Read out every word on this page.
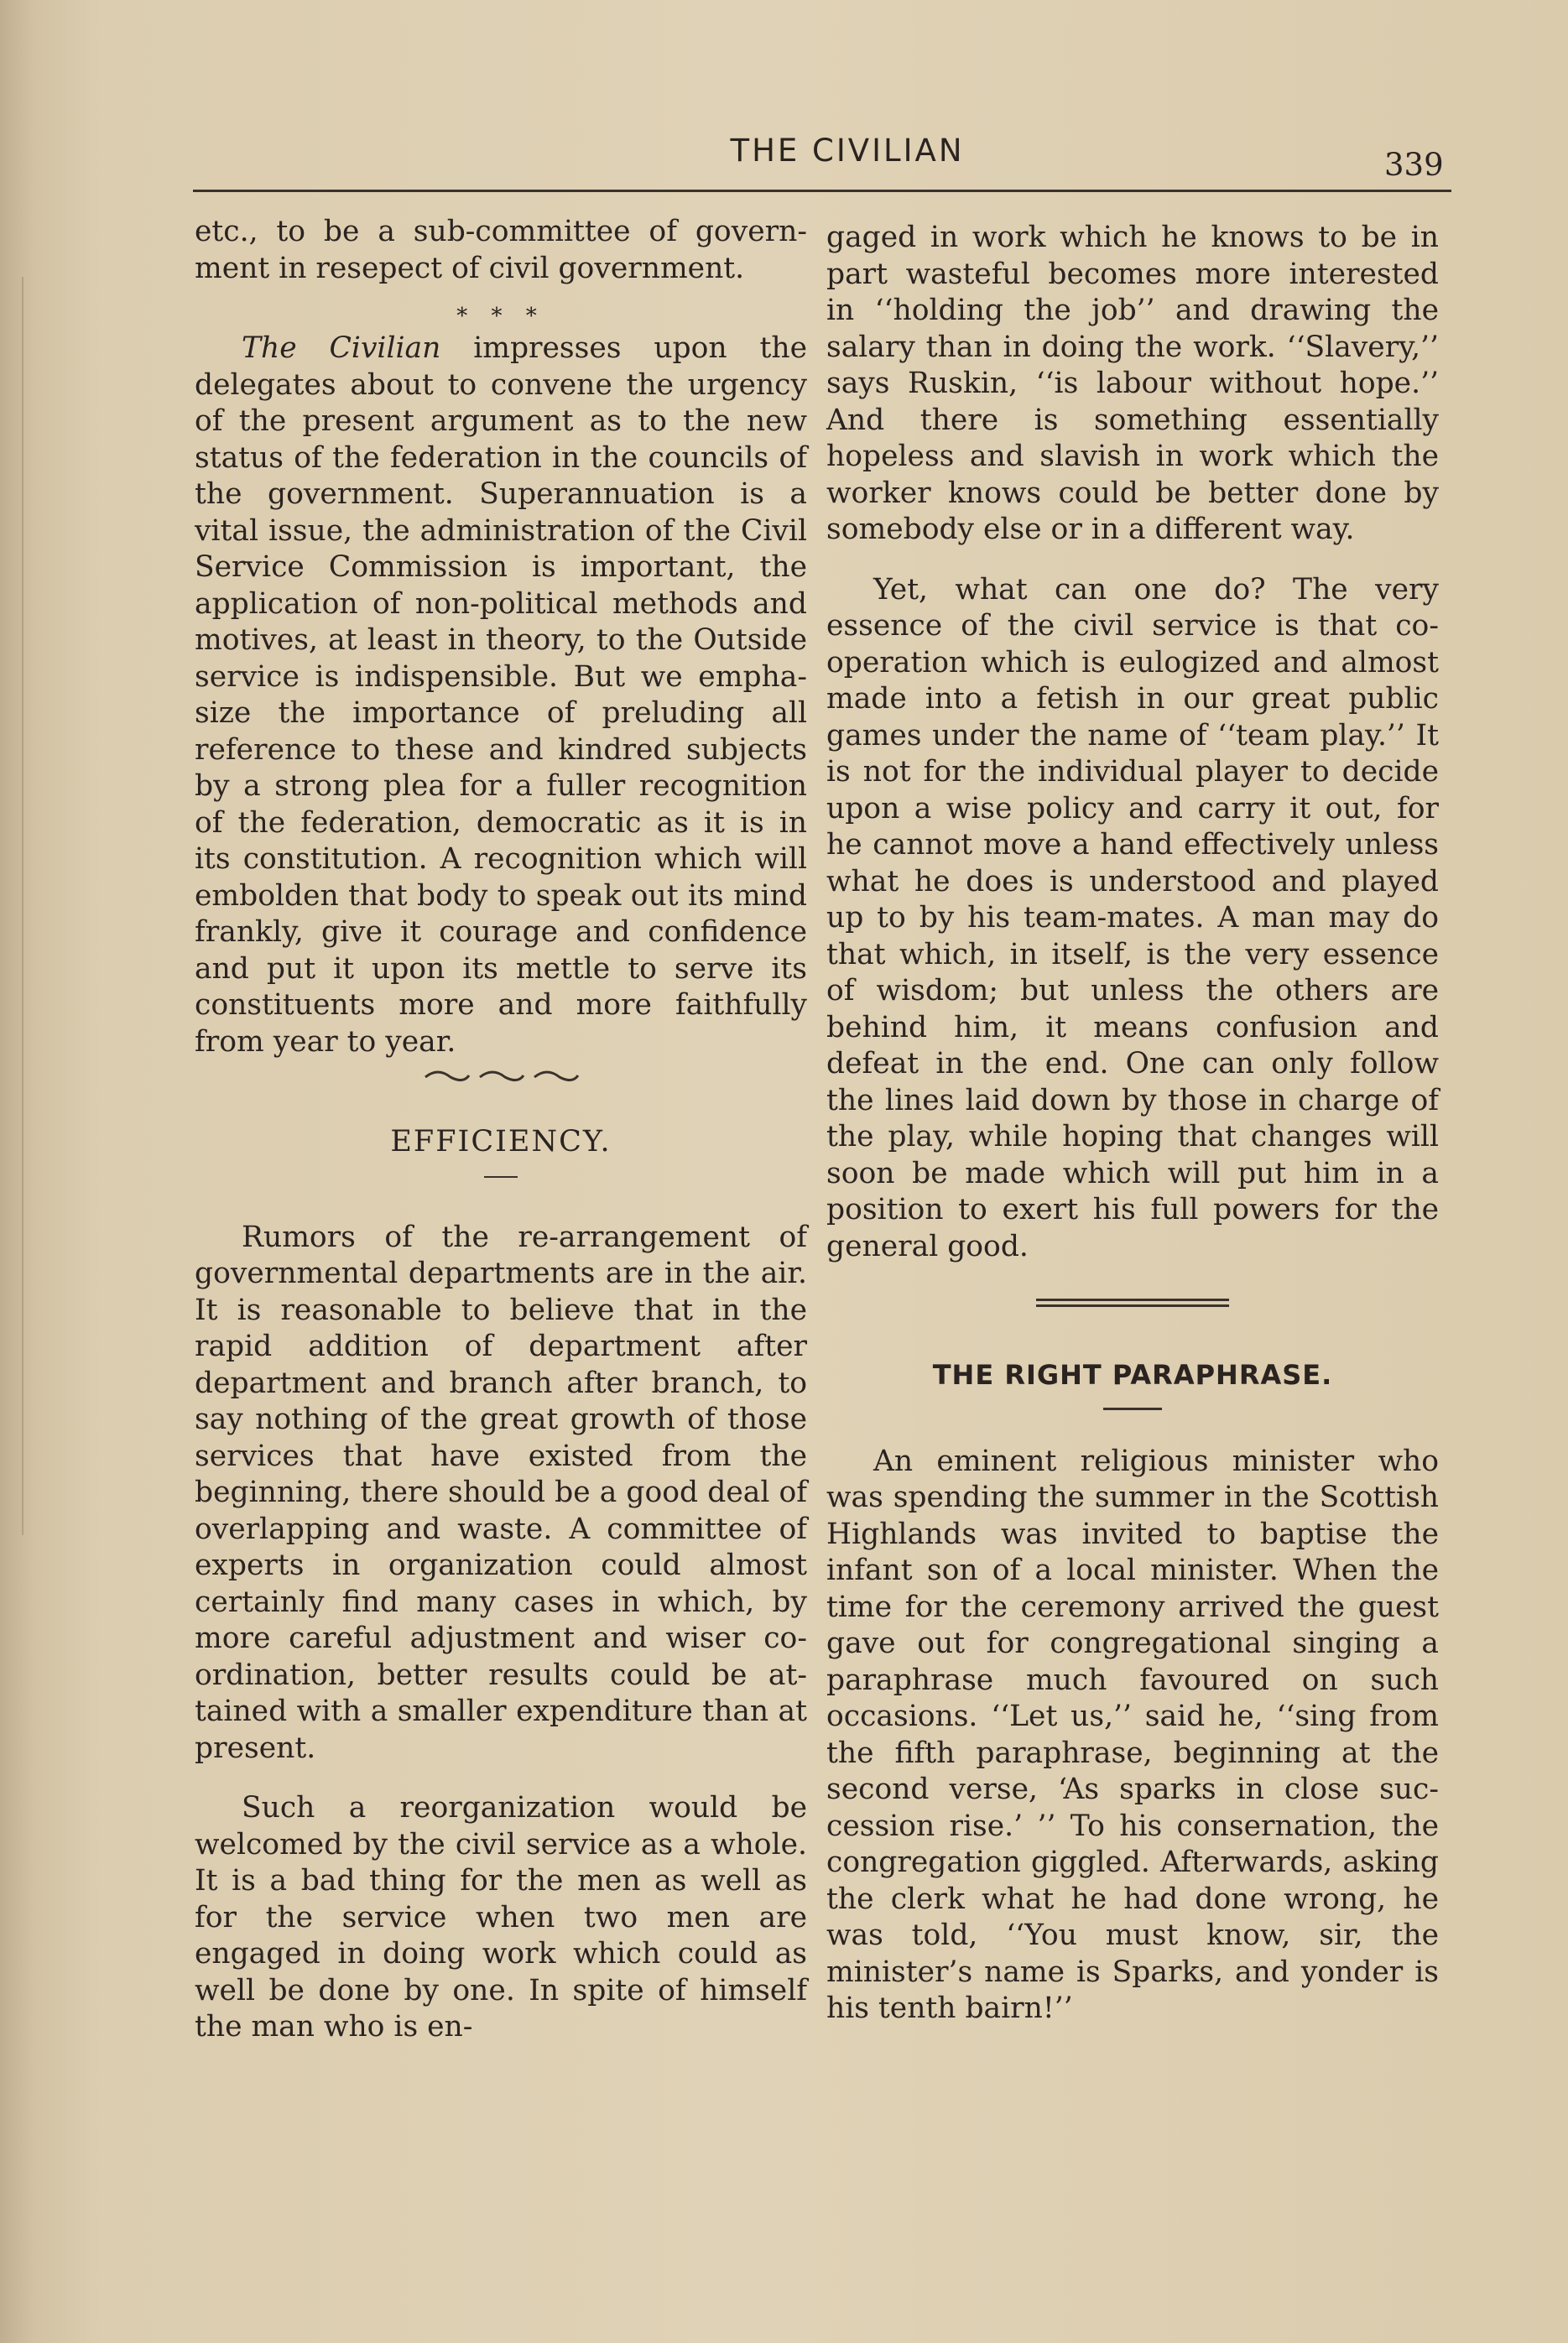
THE CIVILIAN	339

etc., to be a sub-committee of government in resepect of civil government.

* * *

The Civilian impresses upon the delegates about to convene the urgency of the present argument as to the new status of the federation in the councils of the government. Superannuation is a vital issue, the administration of the Civil Service Commission is important, the application of non-political methods and motives, at least in theory, to the Outside service is indispensible. But we emphasize the importance of preluding all reference to these and kindred subjects by a strong plea for a fuller recognition of the federation, democratic as it is in its constitution. A recognition which will embolden that body to speak out its mind frankly, give it courage and confidence and put it upon its mettle to serve its constituents more and more faithfully from year to year.

EFFICIENCY.

Rumors of the re-arrangement of governmental departments are in the air. It is reasonable to believe that in the rapid addition of department after department and branch after branch, to say nothing of the great growth of those services that have existed from the beginning, there should be a good deal of overlapping and waste. A committee of experts in organization could almost certainly find many cases in which, by more careful adjustment and wiser co-ordination, better results could be attained with a smaller expenditure than at present.

Such a reorganization would be welcomed by the civil service as a whole. It is a bad thing for the men as well as for the service when two men are engaged in doing work which could as well be done by one. In spite of himself the man who is en-

gaged in work which he knows to be in part wasteful becomes more interested in ‘‘holding the job’’ and drawing the salary than in doing the work. ‘‘Slavery,’’ says Ruskin, ‘‘is labour without hope.’’ And there is something essentially hopeless and slavish in work which the worker knows could be better done by somebody else or in a different way.

Yet, what can one do? The very essence of the civil service is that cooperation which is eulogized and almost made into a fetish in our great public games under the name of ‘‘team play.’’ It is not for the individual player to decide upon a wise policy and carry it out, for he cannot move a hand effectively unless what he does is understood and played up to by his team-mates. A man may do that which, in itself, is the very essence of wisdom; but unless the others are behind him, it means confusion and defeat in the end. One can only follow the lines laid down by those in charge of the play, while hoping that changes will soon be made which will put him in a position to exert his full powers for the general good.

THE RIGHT PARAPHRASE.

An eminent religious minister who was spending the summer in the Scottish Highlands was invited to baptise the infant son of a local minister. When the time for the ceremony arrived the guest gave out for congregational singing a paraphrase much favoured on such occasions. ‘‘Let us,’’ said he, ‘‘sing from the fifth paraphrase, beginning at the second verse, ‘As sparks in close succession rise.’ ’’ To his consernation, the congregation giggled. Afterwards, asking the clerk what he had done wrong, he was told, ‘‘You must know, sir, the minister’s name is Sparks, and yonder is his tenth bairn!’’
